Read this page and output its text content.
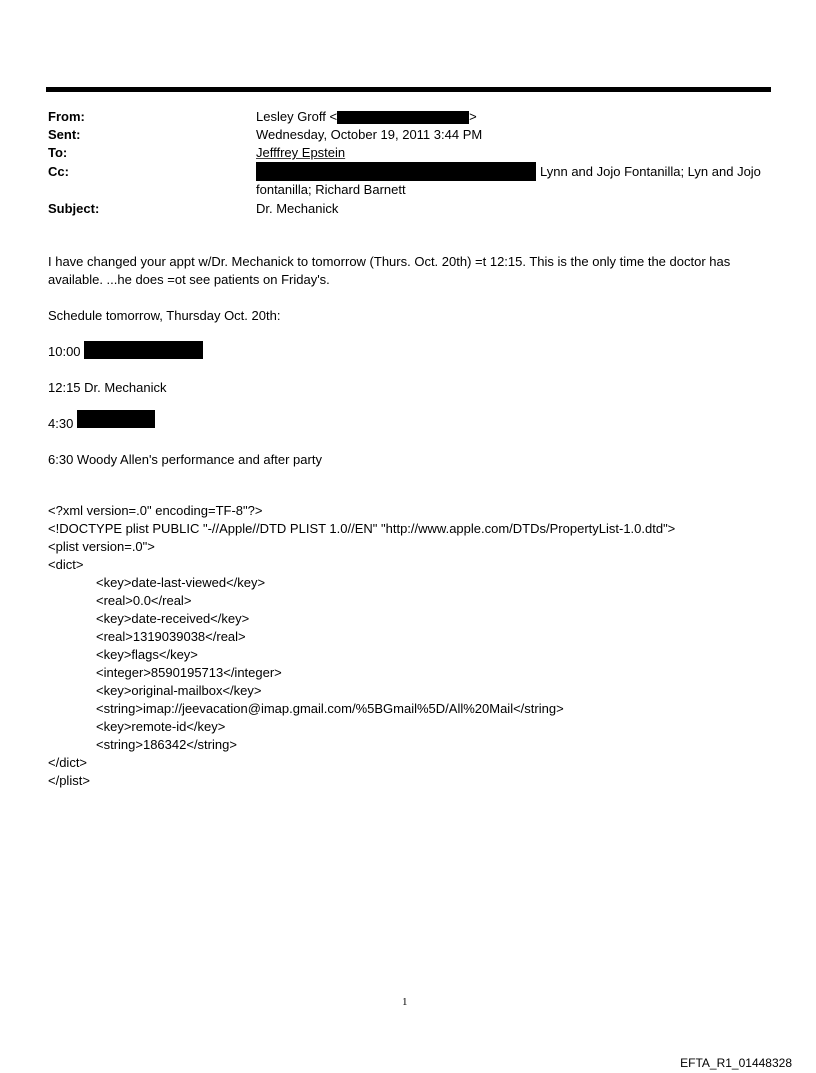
From:	Lesley Groff <	>
Sent:	Wednesday, October 19, 2011 3:44 PM
To:	Jefffrey Epstein
Cc:	Lynn and Jojo Fontanilla; Lyn and Jojo
fontanilla; Richard Barnett
Subject:	Dr. Mechanick
I have changed your appt w/Dr. Mechanick to tomorrow (Thurs. Oct. 20th) =t 12:15. This is the only time the doctor has
available. ...he does =ot see patients on Friday's.
Schedule tomorrow, Thursday Oct. 20th:
10:00
12:15 Dr. Mechanick
4:30
6:30 Woody Allen's performance and after party
<?xml version=.0" encoding=TF-8"?>
<!DOCTYPE plist PUBLIC "-//Apple//DTD PLIST 1.0//EN" "http://www.apple.com/DTDs/PropertyList-1.0.dtd">
<plist version=.0">
<dict>
<key>date-last-viewed</key>
<real>0.0</real>
<key>date-received</key>
<real>1319039038</real>
<key>flags</key>
<integer>8590195713</integer>
<key>original-mailbox</key>
<string>imap://jeevacation@imap.gmail.com/%5BGmail%5D/All%20Mail</string>
<key>remote-id</key>
<string>186342</string>
</dict>
</plist>
1
EFTA_R1_01448328
